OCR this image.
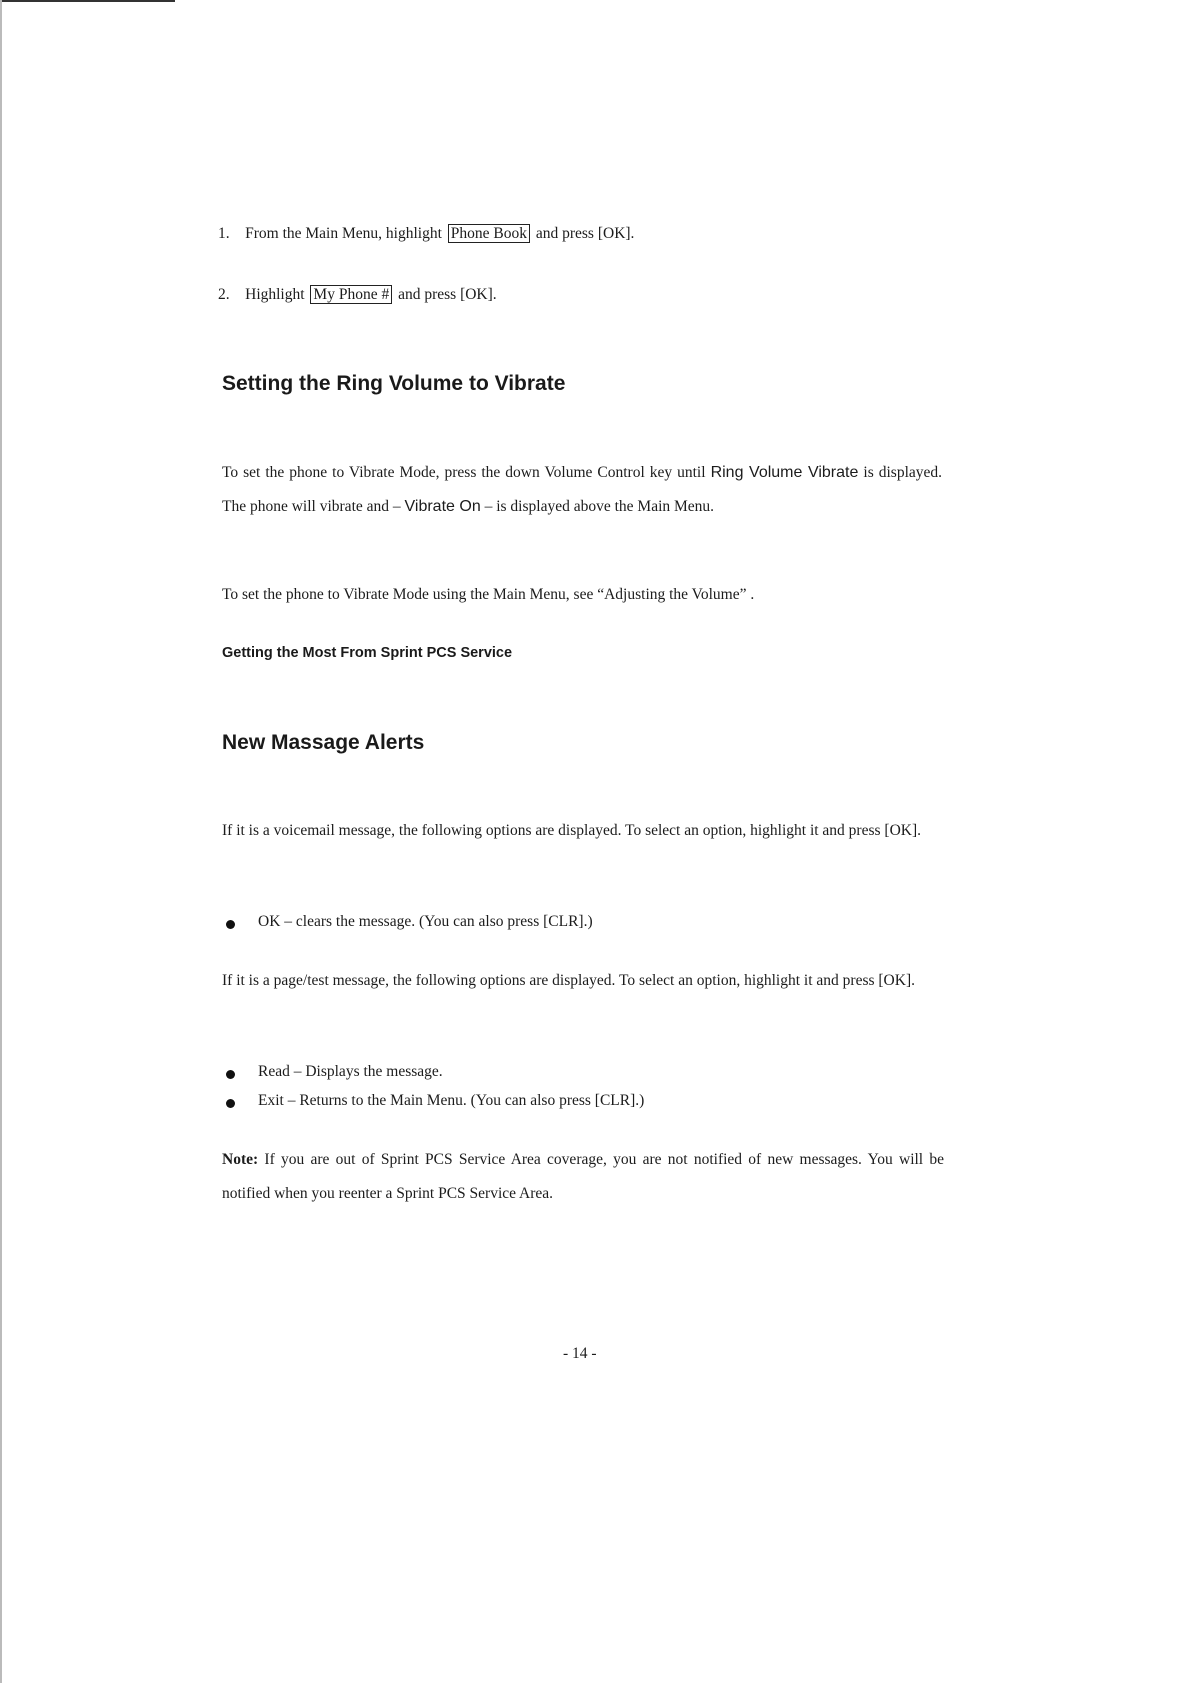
1. From the Main Menu, highlight Phone Book and press [OK].
2. Highlight My Phone # and press [OK].
Setting the Ring Volume to Vibrate
To set the phone to Vibrate Mode, press the down Volume Control key until Ring Volume Vibrate is displayed. The phone will vibrate and – Vibrate On – is displayed above the Main Menu.
To set the phone to Vibrate Mode using the Main Menu, see “Adjusting the Volume” .
Getting the Most From Sprint PCS Service
New Massage Alerts
If it is a voicemail message, the following options are displayed. To select an option, highlight it and press [OK].
OK – clears the message. (You can also press [CLR].)
If it is a page/test message, the following options are displayed. To select an option, highlight it and press [OK].
Read – Displays the message.
Exit – Returns to the Main Menu. (You can also press [CLR].)
Note: If you are out of Sprint PCS Service Area coverage, you are not notified of new messages. You will be notified when you reenter a Sprint PCS Service Area.
- 14 -
